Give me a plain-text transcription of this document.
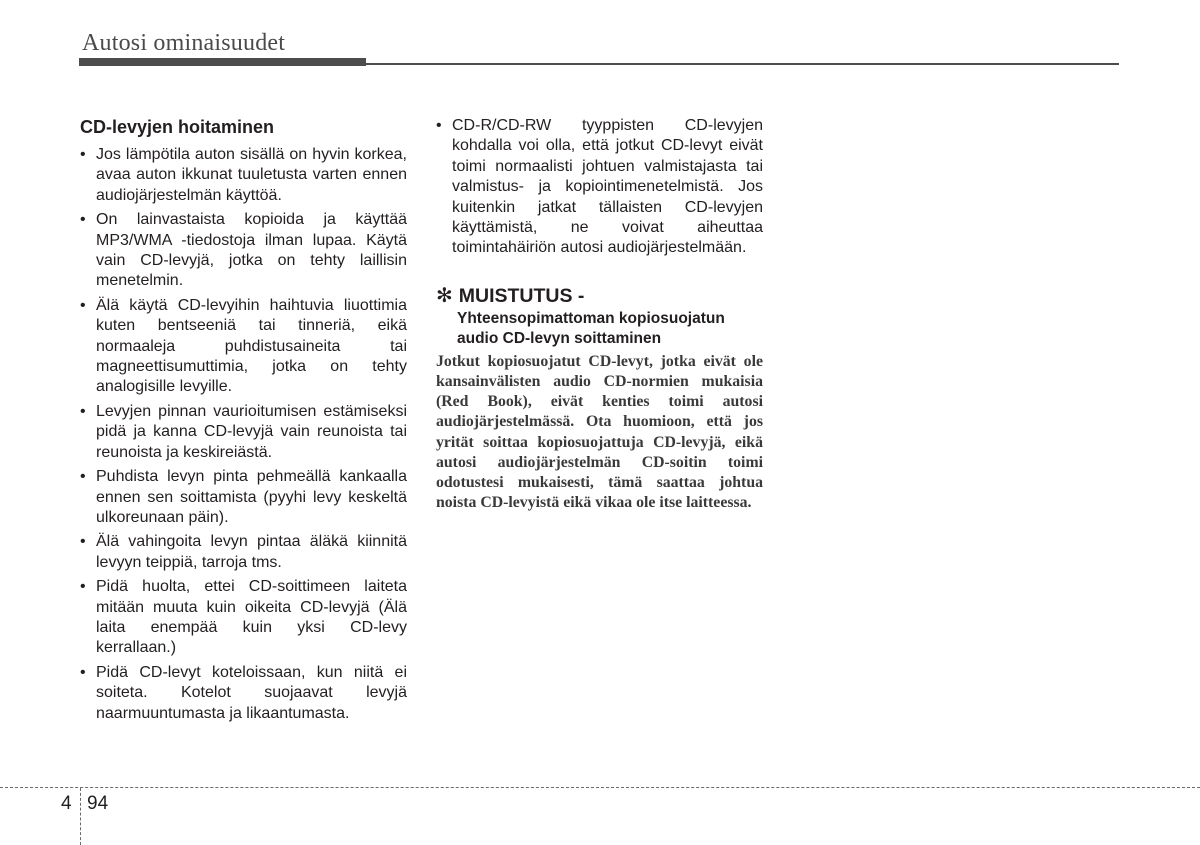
Autosi ominaisuudet
CD-levyjen hoitaminen
• Jos lämpötila auton sisällä on hyvin korkea, avaa auton ikkunat tuuletusta varten ennen audiojärjestelmän käyttöä.
• On lainvastaista kopioida ja käyttää MP3/WMA -tiedostoja ilman lupaa. Käytä vain CD-levyjä, jotka on tehty laillisin menetelmin.
• Älä käytä CD-levyihin haihtuvia liuottimia kuten bentseeniä tai tinneriä, eikä normaaleja puhdistusaineita tai magneettisumuttimia, jotka on tehty analogisille levyille.
• Levyjen pinnan vaurioitumisen estämiseksi pidä ja kanna CD-levyjä vain reunoista tai reunoista ja keskireiästä.
• Puhdista levyn pinta pehmeällä kankaalla ennen sen soittamista (pyyhi levy keskeltä ulkoreunaan päin).
• Älä vahingoita levyn pintaa äläkä kiinnitä levyyn teippiä, tarroja tms.
• Pidä huolta, ettei CD-soittimeen laiteta mitään muuta kuin oikeita CD-levyjä (Älä laita enempää kuin yksi CD-levy kerrallaan.)
• Pidä CD-levyt koteloissaan, kun niitä ei soiteta. Kotelot suojaavat levyjä naarmuuntumasta ja likaantumasta.
• CD-R/CD-RW tyyppisten CD-levyjen kohdalla voi olla, että jotkut CD-levyt eivät toimi normaalisti johtuen valmistajasta tai valmistus- ja kopiointimenetelmistä. Jos kuitenkin jatkat tällaisten CD-levyjen käyttämistä, ne voivat aiheuttaa toimintahäiriön autosi audiojärjestelmään.
✻ MUISTUTUS -
Yhteensopimattoman kopiosuojatun audio CD-levyn soittaminen
Jotkut kopiosuojatut CD-levyt, jotka eivät ole kansainvälisten audio CD-normien mukaisia (Red Book), eivät kenties toimi autosi audiojärjestelmässä. Ota huomioon, että jos yrität soittaa kopiosuojattuja CD-levyjä, eikä autosi audiojärjestelmän CD-soitin toimi odotustesi mukaisesti, tämä saattaa johtua noista CD-levyistä eikä vikaa ole itse laitteessa.
4 94
